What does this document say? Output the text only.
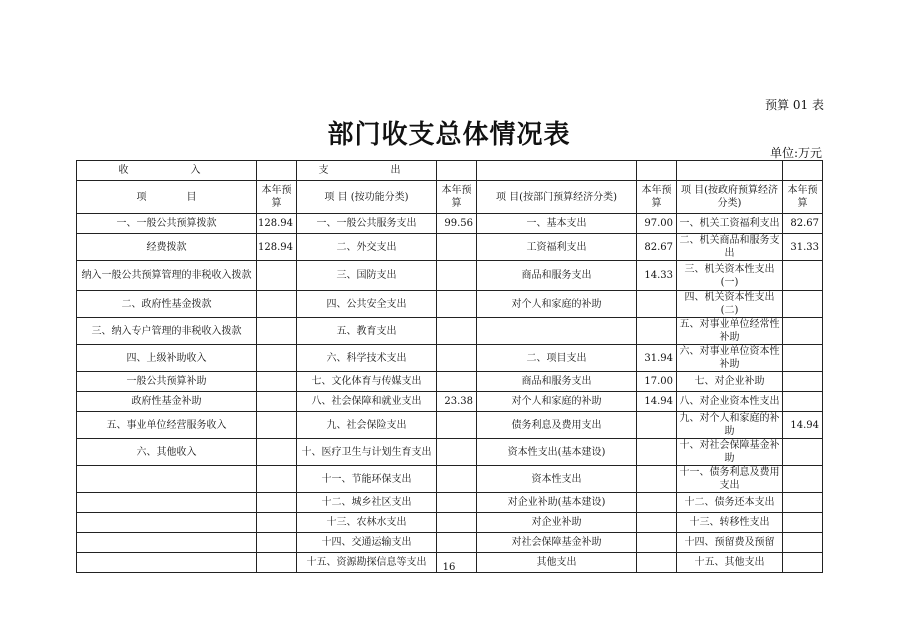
预算 01 表
部门收支总体情况表
单位:万元
收　　入		支　　出					
项　　　　目	本年预算	项 目 (按功能分类)	本年预算	项 目(按部门预算经济分类)	本年预算	项 目(按政府预算经济分类)	本年预算
一、一般公共预算拨款	128.94	一、一般公共服务支出	99.56	一、基本支出	97.00	一、机关工资福利支出	82.67
经费拨款	128.94	二、外交支出		工资福利支出	82.67	二、机关商品和服务支出	31.33
纳入一般公共预算管理的非税收入拨款		三、国防支出		商品和服务支出	14.33	三、机关资本性支出(一)	
二、政府性基金拨款		四、公共安全支出		对个人和家庭的补助		四、机关资本性支出(二)	
三、纳入专户管理的非税收入拨款		五、教育支出				五、对事业单位经常性补助	
四、上级补助收入		六、科学技术支出		二、项目支出	31.94	六、对事业单位资本性补助	
一般公共预算补助		七、文化体育与传媒支出		商品和服务支出	17.00	七、对企业补助	
政府性基金补助		八、社会保障和就业支出	23.38	对个人和家庭的补助	14.94	八、对企业资本性支出	
五、事业单位经营服务收入		九、社会保险支出		债务利息及费用支出		九、对个人和家庭的补助	14.94
六、其他收入		十、医疗卫生与计划生育支出		资本性支出(基本建设)		十、对社会保障基金补助	
		十一、节能环保支出		资本性支出		十一、债务利息及费用支出	
		十二、城乡社区支出		对企业补助(基本建设)		十二、债务还本支出	
		十三、农林水支出		对企业补助		十三、转移性支出	
		十四、交通运输支出		对社会保障基金补助		十四、预留费及预留	
		十五、资源勘探信息等支出		其他支出		十五、其他支出	
16
